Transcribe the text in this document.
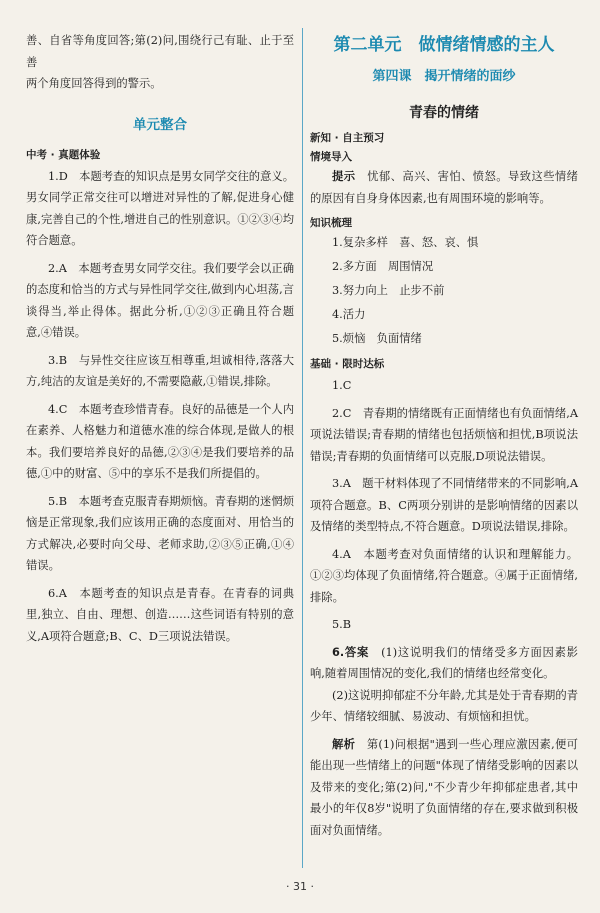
善、自省等角度回答;第(2)问,围绕行己有耻、止于至善

两个角度回答得到的警示。

单元整合
中考 · 真题体验

1.D　本题考查的知识点是男女同学交往的意义。男女同学正常交往可以增进对异性的了解,促进身心健康,完善自己的个性,增进自己的性别意识。①②③④均符合题意。

2.A　本题考查男女同学交往。我们要学会以正确的态度和恰当的方式与异性同学交往,做到内心坦荡,言谈得当,举止得体。据此分析,①②③正确且符合题意,④错误。

3.B　与异性交往应该互相尊重,坦诚相待,落落大方,纯洁的友谊是美好的,不需要隐蔽,①错误,排除。

4.C　本题考查珍惜青春。良好的品德是一个人内在素养、人格魅力和道德水准的综合体现,是做人的根本。我们要培养良好的品德,②③④是我们要培养的品德,①中的财富、⑤中的享乐不是我们所提倡的。

5.B　本题考查克服青春期烦恼。青春期的迷惘烦恼是正常现象,我们应该用正确的态度面对、用恰当的方式解决,必要时向父母、老师求助,②③⑤正确,①④错误。

6.A　本题考查的知识点是青春。在青春的词典里,独立、自由、理想、创造……这些词语有特别的意义,A项符合题意;B、C、D三项说法错误。

第二单元　做情绪情感的主人
第四课　揭开情绪的面纱
青春的情绪
新知 · 自主预习
情境导入

提示　 忧郁、高兴、害怕、愤怒。导致这些情绪的原因有自身身体因素,也有周围环境的影响等。

知识梳理
1.复杂多样　喜、怒、哀、惧
2.多方面　周围情况
3.努力向上　止步不前
4.活力
5.烦恼　负面情绪
基础 · 限时达标

1.C

2.C　青春期的情绪既有正面情绪也有负面情绪,A项说法错误;青春期的情绪也包括烦恼和担忧,B项说法错误;青春期的负面情绪可以克服,D项说法错误。

3.A　题干材料体现了不同情绪带来的不同影响,A项符合题意。B、C两项分别讲的是影响情绪的因素以及情绪的类型特点,不符合题意。D项说法错误,排除。

4.A　本题考查对负面情绪的认识和理解能力。①②③均体现了负面情绪,符合题意。④属于正面情绪,排除。

5.B

6.答案　 (1)这说明我们的情绪受多方面因素影响,随着周围情况的变化,我们的情绪也经常变化。

(2)这说明抑郁症不分年龄,尤其是处于青春期的青少年、情绪较细腻、易波动、有烦恼和担忧。

解析　 第(1)问根据"遇到一些心理应激因素,便可能出现一些情绪上的问题"体现了情绪受影响的因素以及带来的变化;第(2)问,"不少青少年抑郁症患者,其中最小的年仅8岁"说明了负面情绪的存在,要求做到积极面对负面情绪。

· 31 ·
